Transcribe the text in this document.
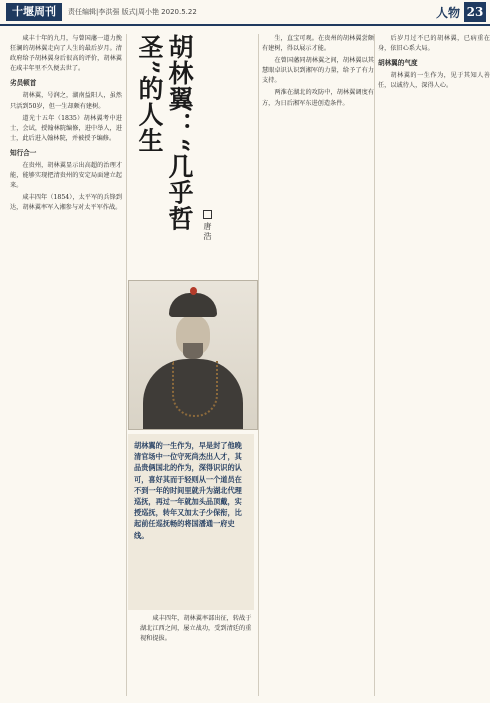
十堰周刊	责任编辑|李洪强 版式|周小艳 2020.5.22	人物 23

咸丰十年的九月，与曾国藩一道力挽狂澜的胡林翼走向了人生的最后岁月。清政府给予胡林翼身后很高的评价，胡林翼在咸丰年里不久便去世了。

劣员顿首

胡林翼，号润之，湖南益阳人，虽然只活到50岁，但一生却颇有建树。

道光十五年（1835）胡林翼考中进士，会试，授翰林院编修，进中举人，进士，此后进入翰林院，并被授予编修。

知行合一

在贵州，胡林翼显示出高超的治理才能，能够实现把清贵州的安定局面建立起来。

咸丰四年（1854），太平军的兵锋到达，胡林翼率军入湘参与对太平军作战。	胡林翼：“几乎哲圣”的人生
唐浩
胡林翼的一生作为，早是封了他晚清官场中一位守死尚杰出人才，其品贵俩国北的作为，深得识识的认可，喜好其而于轻则从一个道员在不到一年的时间里就升为湖北代理巡抚，再过一年就加头品顶戴，实授巡抚，转年又加太子少保衔，比起前任巡抚畅的将国潘通一府史线。

咸丰四年，胡林翼率部出征，转战于湖北江西之间，屡立战功，受到清廷的重视和提拔。

生，直宝可观。在贵州的胡林翼尝颇有建树，得以展示才能。

在曾国藩同胡林翼之间，胡林翼以其慧眼卓识认识到湘军的力量，给予了有力支持。

两淮在湖北的攻防中，胡林翼调度有方，为日后湘军东进创造条件。

后岁月过不已的胡林翼，已病重在身，依旧心系大局。

胡林翼的气度

胡林翼的一生作为，见于其知人善任，以诚待人，深得人心。
